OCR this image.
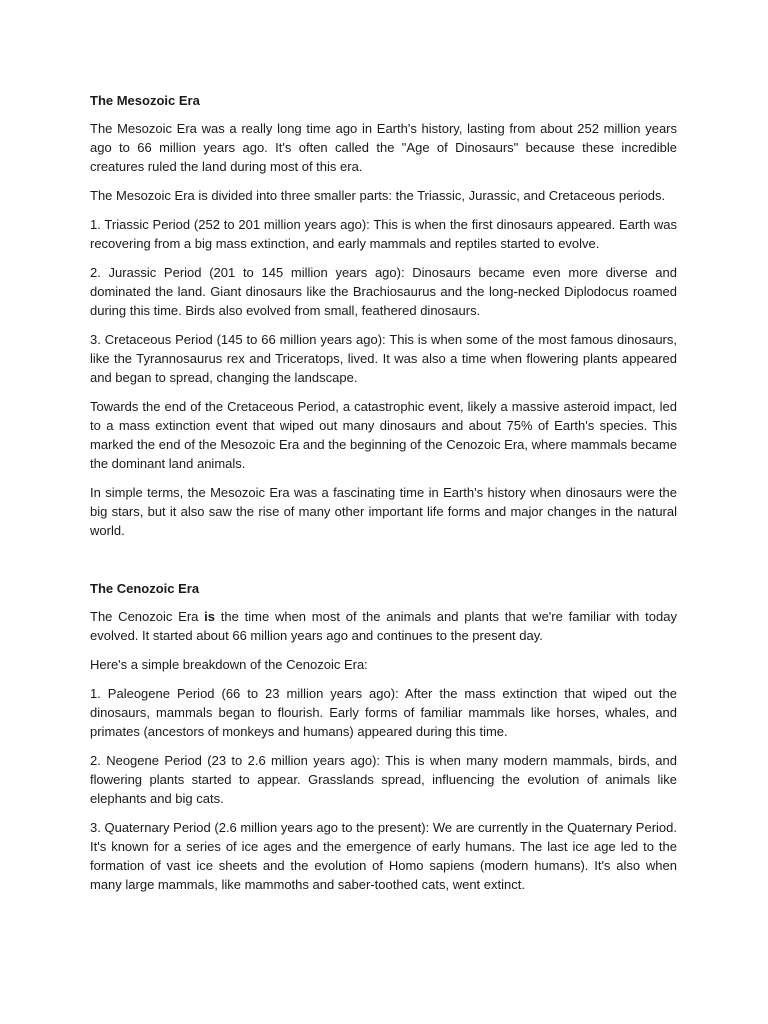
The Mesozoic Era

The Mesozoic Era was a really long time ago in Earth's history, lasting from about 252 million years ago to 66 million years ago. It's often called the "Age of Dinosaurs" because these incredible creatures ruled the land during most of this era.

The Mesozoic Era is divided into three smaller parts: the Triassic, Jurassic, and Cretaceous periods.

1. Triassic Period (252 to 201 million years ago): This is when the first dinosaurs appeared. Earth was recovering from a big mass extinction, and early mammals and reptiles started to evolve.

2. Jurassic Period (201 to 145 million years ago): Dinosaurs became even more diverse and dominated the land. Giant dinosaurs like the Brachiosaurus and the long-necked Diplodocus roamed during this time. Birds also evolved from small, feathered dinosaurs.

3. Cretaceous Period (145 to 66 million years ago): This is when some of the most famous dinosaurs, like the Tyrannosaurus rex and Triceratops, lived. It was also a time when flowering plants appeared and began to spread, changing the landscape.

Towards the end of the Cretaceous Period, a catastrophic event, likely a massive asteroid impact, led to a mass extinction event that wiped out many dinosaurs and about 75% of Earth's species. This marked the end of the Mesozoic Era and the beginning of the Cenozoic Era, where mammals became the dominant land animals.

In simple terms, the Mesozoic Era was a fascinating time in Earth's history when dinosaurs were the big stars, but it also saw the rise of many other important life forms and major changes in the natural world.

The Cenozoic Era

The Cenozoic Era is the time when most of the animals and plants that we're familiar with today evolved. It started about 66 million years ago and continues to the present day.

Here's a simple breakdown of the Cenozoic Era:

1. Paleogene Period (66 to 23 million years ago): After the mass extinction that wiped out the dinosaurs, mammals began to flourish. Early forms of familiar mammals like horses, whales, and primates (ancestors of monkeys and humans) appeared during this time.

2. Neogene Period (23 to 2.6 million years ago): This is when many modern mammals, birds, and flowering plants started to appear. Grasslands spread, influencing the evolution of animals like elephants and big cats.

3. Quaternary Period (2.6 million years ago to the present): We are currently in the Quaternary Period. It's known for a series of ice ages and the emergence of early humans. The last ice age led to the formation of vast ice sheets and the evolution of Homo sapiens (modern humans). It's also when many large mammals, like mammoths and saber-toothed cats, went extinct.
